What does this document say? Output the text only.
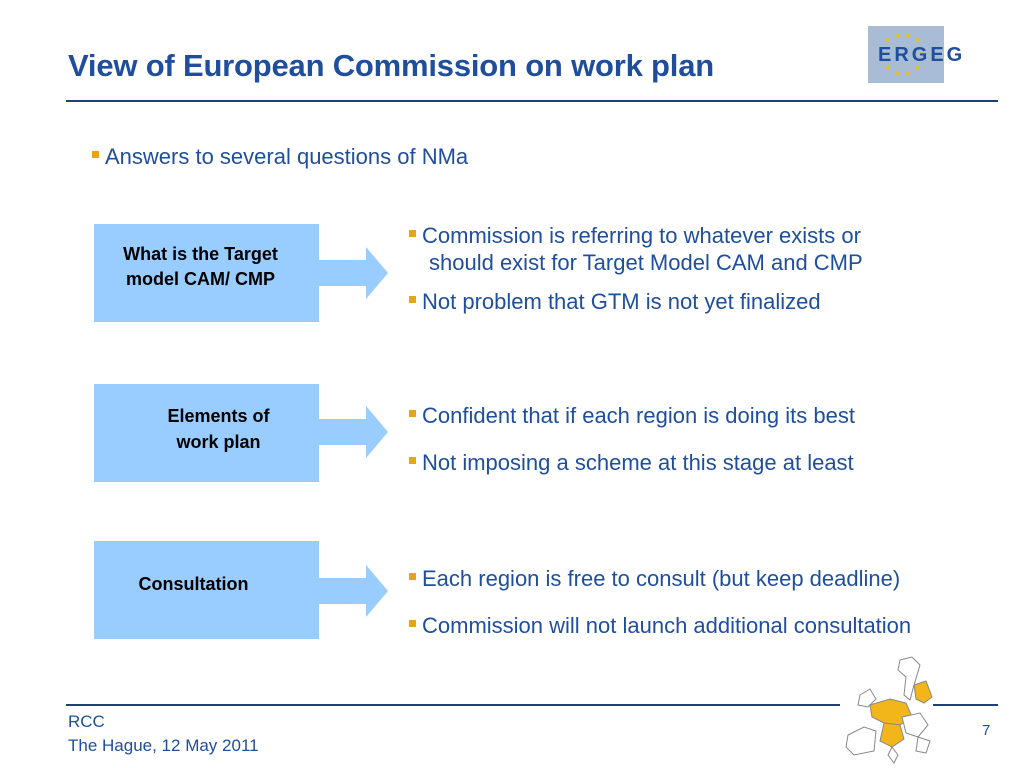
View of European Commission on work plan	ERGEG
Answers to several questions of NMa
What is the Target
model CAM/ CMP
Commission is referring to whatever exists or
should exist for Target Model CAM and CMP
Not problem that GTM is not yet finalized
Elements of
work plan
Confident that if each region is doing its best
Not imposing a scheme at this stage at least
Consultation	Each region is free to consult (but keep deadline)
Commission will not launch additional consultation
RCC
The Hague, 12 May 2011
7
